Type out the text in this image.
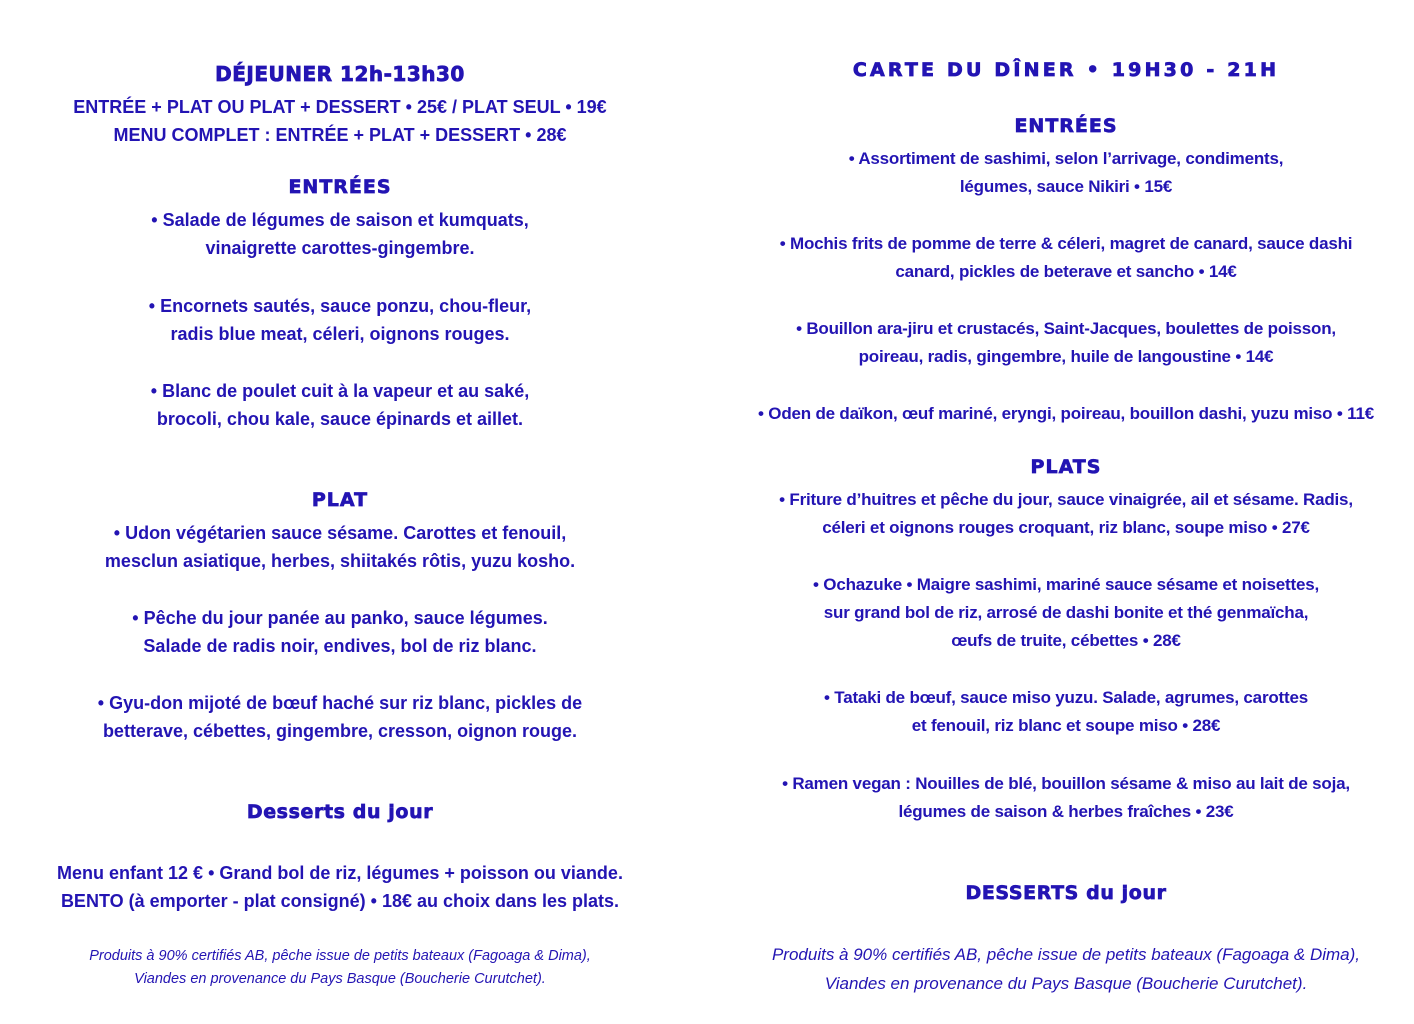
DÉJEUNER 12h-13h30

ENTRÉE + PLAT OU PLAT + DESSERT • 25€ / PLAT SEUL • 19€

MENU COMPLET : ENTRÉE + PLAT + DESSERT • 28€

ENTRÉES
• Salade de légumes de saison et kumquats,
vinaigrette carottes-gingembre.
• Encornets sautés, sauce ponzu, chou-fleur,
radis blue meat, céleri, oignons rouges.
• Blanc de poulet cuit à la vapeur et au saké,
brocoli, chou kale, sauce épinards et aillet.
PLAT
• Udon végétarien sauce sésame. Carottes et fenouil,
mesclun asiatique, herbes, shiitakés rôtis, yuzu kosho.
• Pêche du jour panée au panko, sauce légumes.
Salade de radis noir, endives, bol de riz blanc.
• Gyu-don mijoté de bœuf haché sur riz blanc, pickles de
betterave, cébettes, gingembre, cresson, oignon rouge.
Desserts du jour

Menu enfant 12 € • Grand bol de riz, légumes + poisson ou viande.

BENTO (à emporter - plat consigné) • 18€ au choix dans les plats.

Produits à 90% certifiés AB, pêche issue de petits bateaux (Fagoaga & Dima),

Viandes en provenance du Pays Basque (Boucherie Curutchet).

CARTE DU DÎNER • 19H30 - 21H
ENTRÉES
• Assortiment de sashimi, selon l’arrivage, condiments,
légumes, sauce Nikiri • 15€
• Mochis frits de pomme de terre & céleri, magret de canard, sauce dashi
canard, pickles de beterave et sancho • 14€
• Bouillon ara-jiru et crustacés, Saint-Jacques, boulettes de poisson,
poireau, radis, gingembre, huile de langoustine • 14€
• Oden de daïkon, œuf mariné, eryngi, poireau, bouillon dashi, yuzu miso • 11€
PLATS
• Friture d’huitres et pêche du jour, sauce vinaigrée, ail et sésame. Radis,
céleri et oignons rouges croquant, riz blanc, soupe miso • 27€
• Ochazuke • Maigre sashimi, mariné sauce sésame et noisettes,
sur grand bol de riz, arrosé de dashi bonite et thé genmaïcha,
œufs de truite, cébettes • 28€
• Tataki de bœuf, sauce miso yuzu. Salade, agrumes, carottes
et fenouil, riz blanc et soupe miso • 28€
• Ramen vegan : Nouilles de blé, bouillon sésame & miso au lait de soja,
légumes de saison & herbes fraîches • 23€
DESSERTS du jour

Produits à 90% certifiés AB, pêche issue de petits bateaux (Fagoaga & Dima),

Viandes en provenance du Pays Basque (Boucherie Curutchet).
